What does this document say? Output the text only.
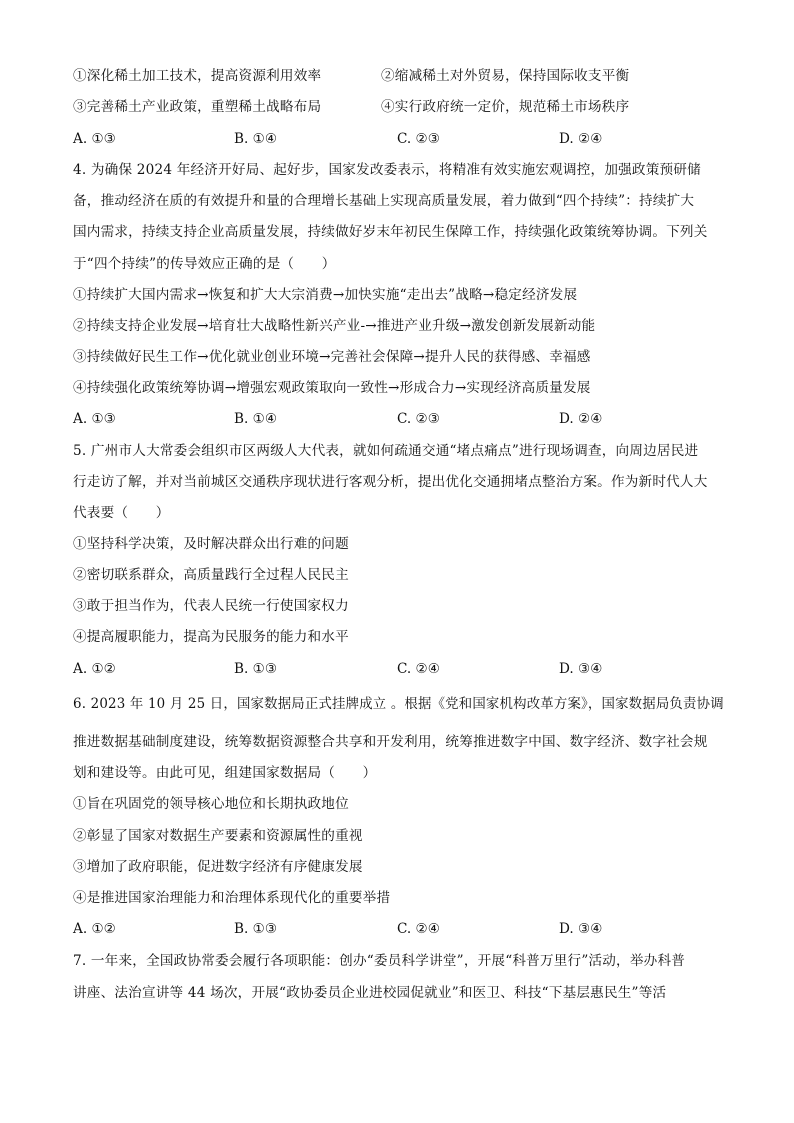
①深化稀土加工技术，提高资源利用效率	②缩减稀土对外贸易，保持国际收支平衡
③完善稀土产业政策，重塑稀土战略布局	④实行政府统一定价，规范稀土市场秩序
A. ①③	B. ①④	C. ②③	D. ②④
4. 为确保 2024 年经济开好局、起好步，国家发改委表示，将精准有效实施宏观调控，加强政策预研储
备，推动经济在质的有效提升和量的合理增长基础上实现高质量发展，着力做到“四个持续”：持续扩大
国内需求，持续支持企业高质量发展，持续做好岁末年初民生保障工作，持续强化政策统筹协调。下列关
于“四个持续”的传导效应正确的是（　　）
①持续扩大国内需求→恢复和扩大大宗消费→加快实施“走出去”战略→稳定经济发展
②持续支持企业发展→培育壮大战略性新兴产业-→推进产业升级→激发创新发展新动能
③持续做好民生工作→优化就业创业环境→完善社会保障→提升人民的获得感、幸福感
④持续强化政策统筹协调→增强宏观政策取向一致性→形成合力→实现经济高质量发展
A. ①③	B. ①④	C. ②③	D. ②④
5. 广州市人大常委会组织市区两级人大代表，就如何疏通交通“堵点痛点”进行现场调查，向周边居民进
行走访了解，并对当前城区交通秩序现状进行客观分析，提出优化交通拥堵点整治方案。作为新时代人大
代表要（　　）
①坚持科学决策，及时解决群众出行难的问题
②密切联系群众，高质量践行全过程人民民主
③敢于担当作为，代表人民统一行使国家权力
④提高履职能力，提高为民服务的能力和水平
A. ①②	B. ①③	C. ②④	D. ③④
6. 2023 年 10 月 25 日，国家数据局正式挂牌成立 。根据《党和国家机构改革方案》，国家数据局负责协调
推进数据基础制度建设，统筹数据资源整合共享和开发利用，统筹推进数字中国、数字经济、数字社会规
划和建设等。由此可见，组建国家数据局（　　）
①旨在巩固党的领导核心地位和长期执政地位
②彰显了国家对数据生产要素和资源属性的重视
③增加了政府职能，促进数字经济有序健康发展
④是推进国家治理能力和治理体系现代化的重要举措
A. ①②	B. ①③	C. ②④	D. ③④
7. 一年来，全国政协常委会履行各项职能：创办“委员科学讲堂”，开展“科普万里行”活动，举办科普
讲座、法治宣讲等 44 场次，开展“政协委员企业进校园促就业”和医卫、科技“下基层惠民生”等活
